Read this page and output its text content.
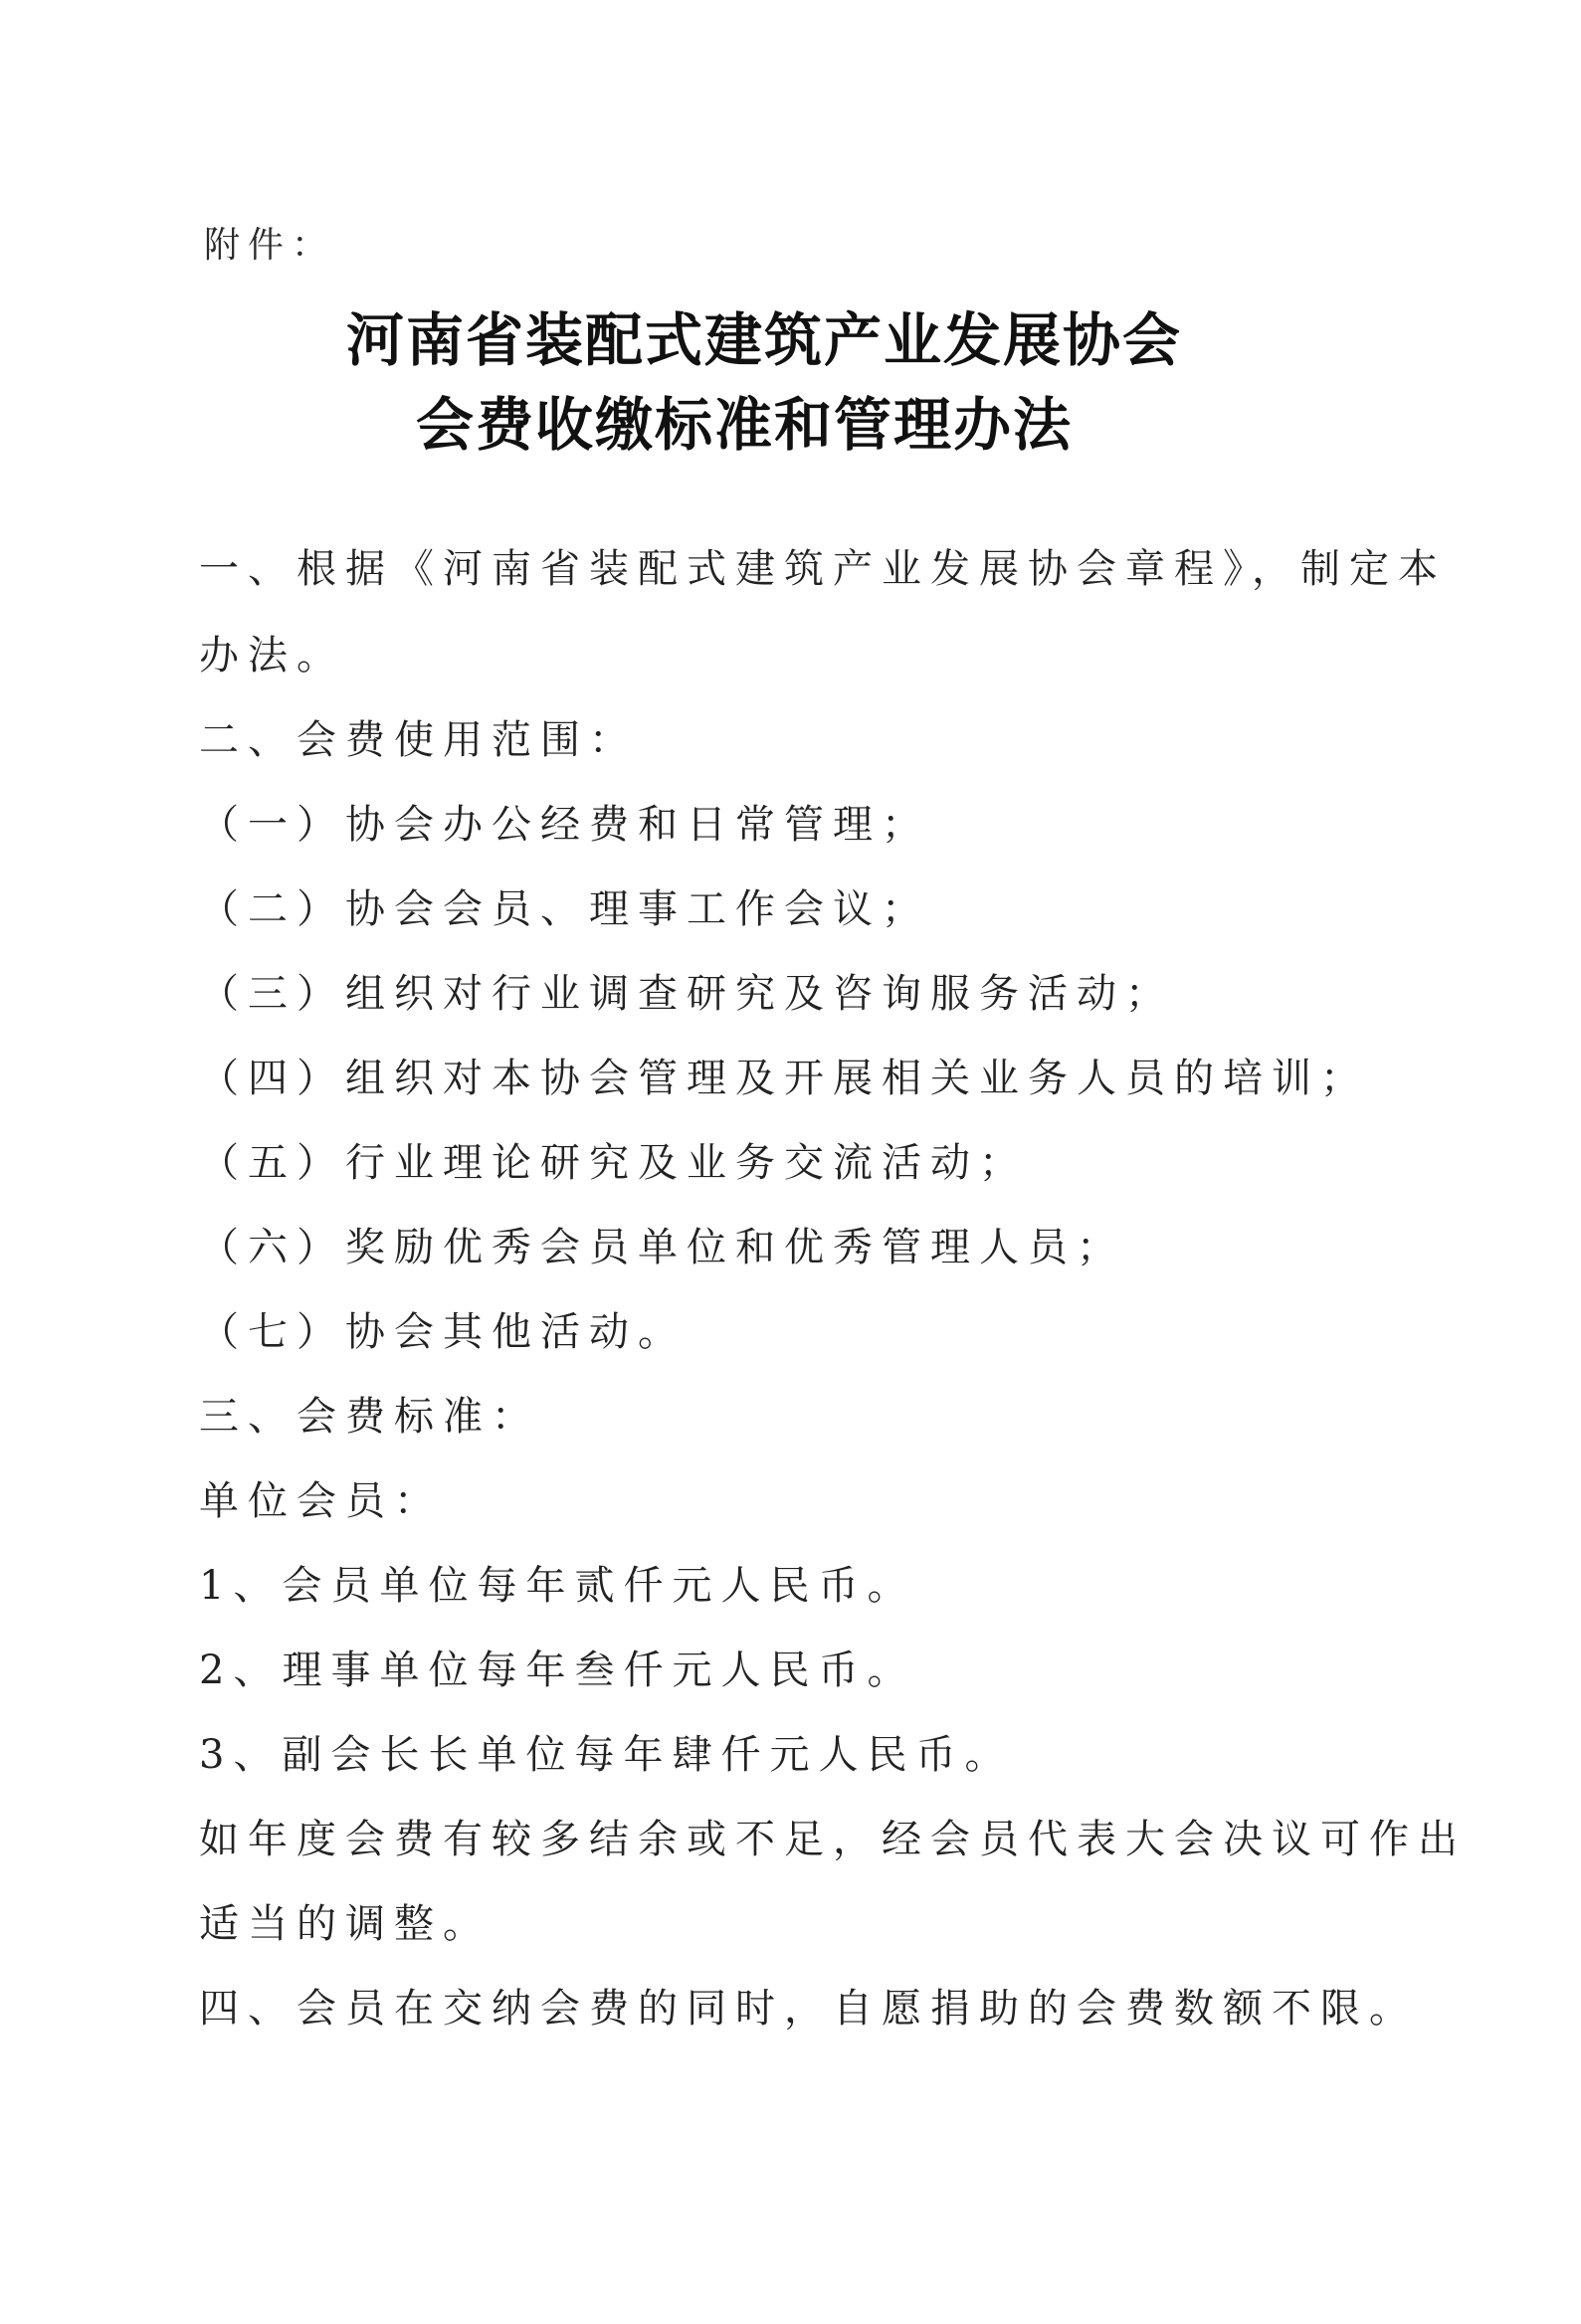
附件：
河南省装配式建筑产业发展协会
会费收缴标准和管理办法
一、根据《河南省装配式建筑产业发展协会章程》，制定本
办法。
二、会费使用范围：
（一）协会办公经费和日常管理；
（二）协会会员、理事工作会议；
（三）组织对行业调查研究及咨询服务活动；
（四）组织对本协会管理及开展相关业务人员的培训；
（五）行业理论研究及业务交流活动；
（六）奖励优秀会员单位和优秀管理人员；
（七）协会其他活动。
三、会费标准：
单位会员：
1、会员单位每年贰仟元人民币。
2、理事单位每年叁仟元人民币。
3、副会长长单位每年肆仟元人民币。
如年度会费有较多结余或不足，经会员代表大会决议可作出
适当的调整。
四、会员在交纳会费的同时，自愿捐助的会费数额不限。
